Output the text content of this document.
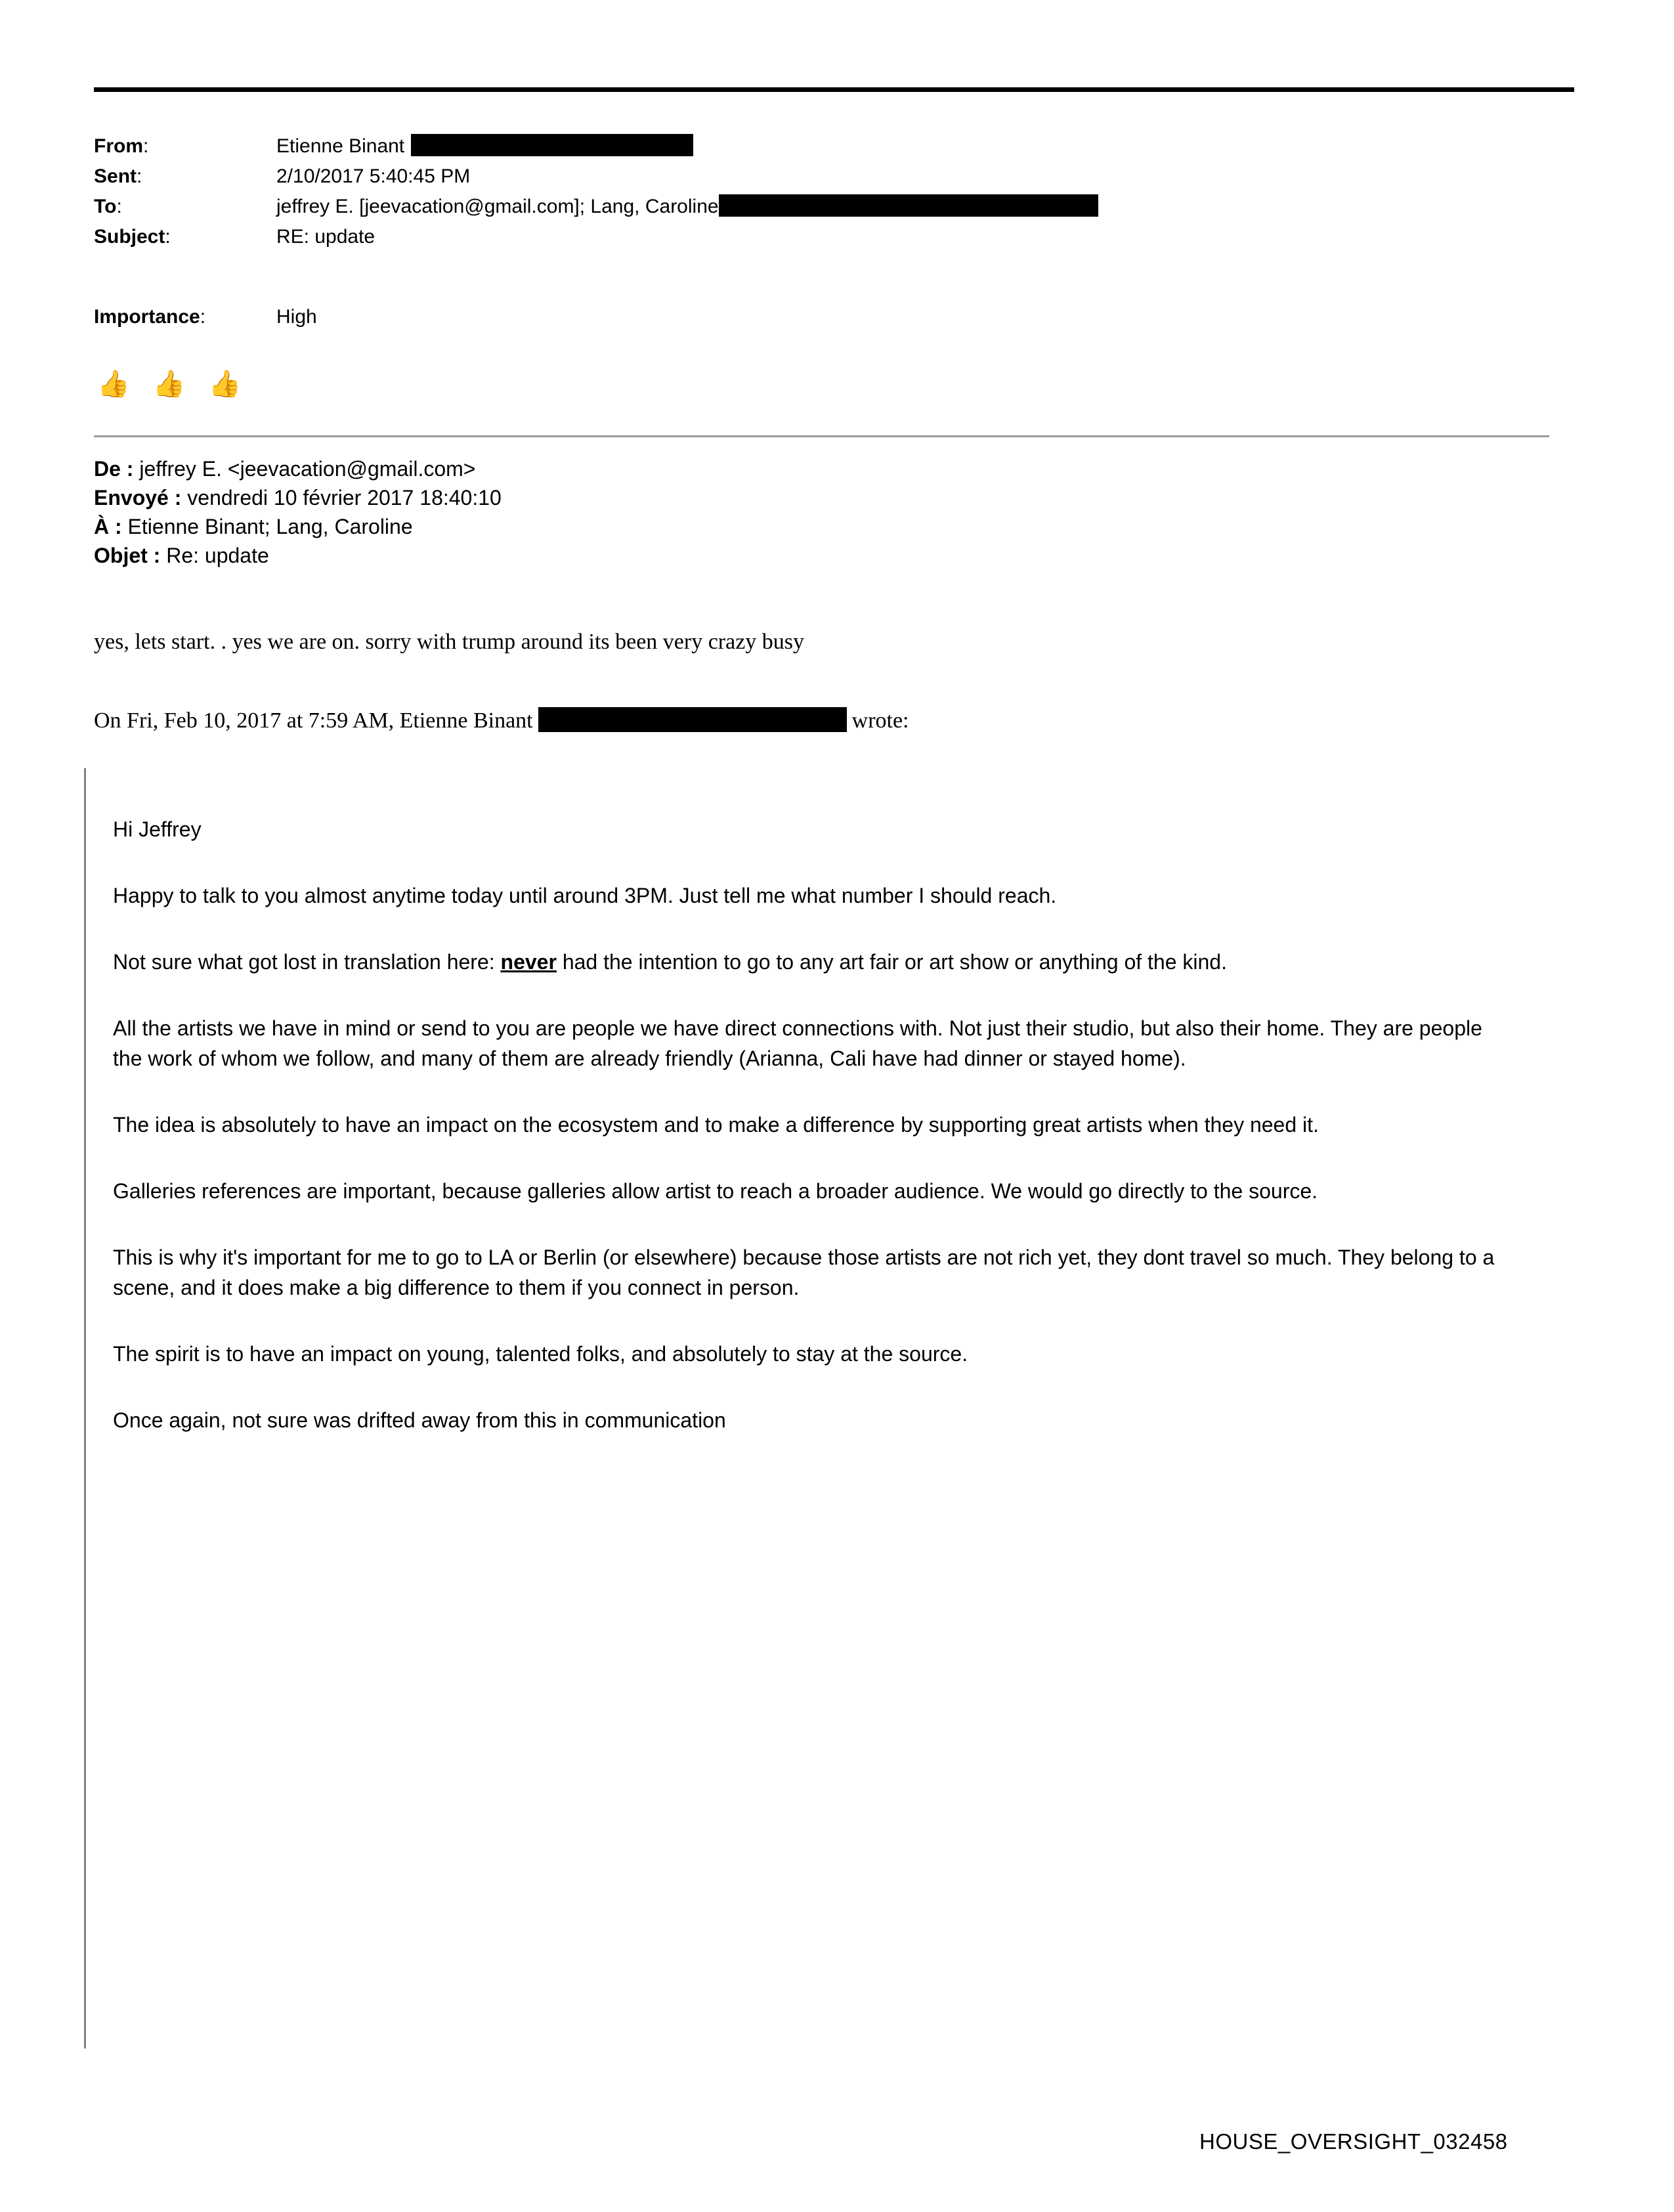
From:	Etienne Binant
Sent:	2/10/2017 5:40:45 PM
To:	jeffrey E. [jeevacation@gmail.com]; Lang, Caroline
Subject:	RE: update
Importance:	High
👍 👍 👍
De : jeffrey E. <jeevacation@gmail.com>
Envoyé : vendredi 10 février 2017 18:40:10
À : Etienne Binant; Lang, Caroline
Objet : Re: update
yes, lets start. . yes we are on. sorry with trump around its been very crazy busy
On Fri, Feb 10, 2017 at 7:59 AM, Etienne Binant	wrote:

Hi Jeffrey

Happy to talk to you almost anytime today until around 3PM. Just tell me what number I should reach.

Not sure what got lost in translation here: never had the intention to go to any art fair or art show or anything of the kind.

All the artists we have in mind or send to you are people we have direct connections with. Not just their studio, but also their home. They are people the work of whom we follow, and many of them are already friendly (Arianna, Cali have had dinner or stayed home).

The idea is absolutely to have an impact on the ecosystem and to make a difference by supporting great artists when they need it.

Galleries references are important, because galleries allow artist to reach a broader audience. We would go directly to the source.

This is why it's important for me to go to LA or Berlin (or elsewhere) because those artists are not rich yet, they dont travel so much. They belong to a scene, and it does make a big difference to them if you connect in person.

The spirit is to have an impact on young, talented folks, and absolutely to stay at the source.

Once again, not sure was drifted away from this in communication

HOUSE_OVERSIGHT_032458
